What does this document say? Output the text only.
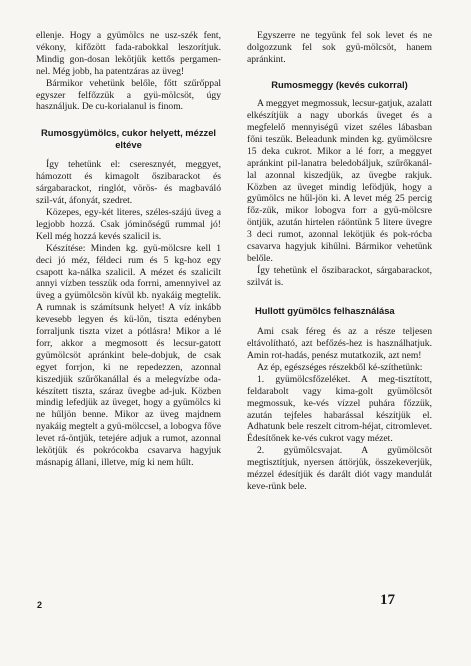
ellenje. Hogy a gyümölcs ne usz-szék fent, vékony, kifőzött fada-rabokkal leszorítjuk. Mindig gon-dosan lekötjük kettős pergamen-nel. Még jobb, ha patentzáras az üveg!

Bármikor vehetünk belőle, főtt szűrőppal egyszer felfőzzük a gyü-mölcsöt, úgy használjuk. De cu-korialanul is finom.

Rumosgyümölcs, cukor helyett, mézzel eltéve

Így tehetünk el: cseresznyét, meggyet, hámozott és kimagolt őszibarackot és sárgabarackot, ringlót, vörös- és magbaváló szil-vát, áfonyát, szedret.

Közepes, egy-két literes, széles-szájú üveg a legjobb hozzá. Csak jóminőségű rummal jó! Kell még hozzá kevés szalicil is.

Készítése: Minden kg. gyü-mölcsre kell 1 deci jó méz, féldeci rum és 5 kg-hoz egy csapott ka-nálka szalicil. A mézet és szalicilt annyi vízben tesszük oda forrni, amennyivel az üveg a gyümölcsön kívül kb. nyakáig megtelik. A rumnak is számítsunk helyet! A víz inkább kevesebb legyen és kü-lön, tiszta edényben forraljunk tiszta vizet a pótlásra! Mikor a lé forr, akkor a megmosott és lecsur-gatott gyümölcsöt apránkint bele-dobjuk, de csak egyet forrjon, ki ne repedezzen, azonnal kiszedjük szűrőkanállal és a melegvízbe oda-készített tiszta, száraz üvegbe ad-juk. Közben mindig lefedjük az üveget, hogy a gyümölcs ki ne hűljön benne. Mikor az üveg majdnem nyakáig megtelt a gyü-mölccsel, a lobogva főve levet rá-öntjük, tetejére adjuk a rumot, azonnal lekötjük és pokrócokba csavarva hagyjuk másnapig állani, illetve, míg ki nem hűlt.

Egyszerre ne tegyünk fel sok levet és ne dolgozzunk fel sok gyü-mölcsöt, hanem apránkint.

Rumosmeggy (kevés cukorral)

A meggyet megmossuk, lecsur-gatjuk, azalatt elkészítjük a nagy uborkás üveget és a megfelelő mennyiségű vizet széles lábasban főni teszük. Beleadunk minden kg. gyümölcsre 15 deka cukrot. Mikor a lé forr, a meggyet apránkint pil-lanatra beledobáljuk, szűrőkanál-lal azonnal kiszedjük, az üvegbe rakjuk. Közben az üveget mindig lefödjük, hogy a gyümölcs ne hűl-jön ki. A levet még 25 percig főz-zük, mikor lobogva forr a gyü-mölcsre öntjük, azután hirtelen ráöntünk 5 litere üvegre 3 deci rumot, azonnal lekötjük és pok-rócba csavarva hagyjuk kihűlni. Bármikor vehetünk belőle.

Így tehetünk el őszibarackot, sárgabarackot, szilvát is.

Hullott gyümölcs felhasználása

Ami csak féreg és az a része teljesen eltávolítható, azt befőzés-hez is használhatjuk. Amin rot-hadás, penész mutatkozik, azt nem!

Az ép, egészséges részekből ké-szíthetünk:

1. gyümölcsfőzeléket. A meg-tisztított, feldarabolt vagy kima-golt gyümölcsöt megmossuk, ke-vés vízzel puhára főzzük, azután tejfeles habarással készítjük el. Adhatunk bele reszelt citrom-héjat, citromlevet. Édesítőnek ke-vés cukrot vagy mézet.

2. gyümölcsvajat. A gyümölcsöt megtisztítjuk, nyersen áttörjük, összekeverjük, mézzel édesítjük és darált diót vagy mandulát keve-rünk bele.

2	17
